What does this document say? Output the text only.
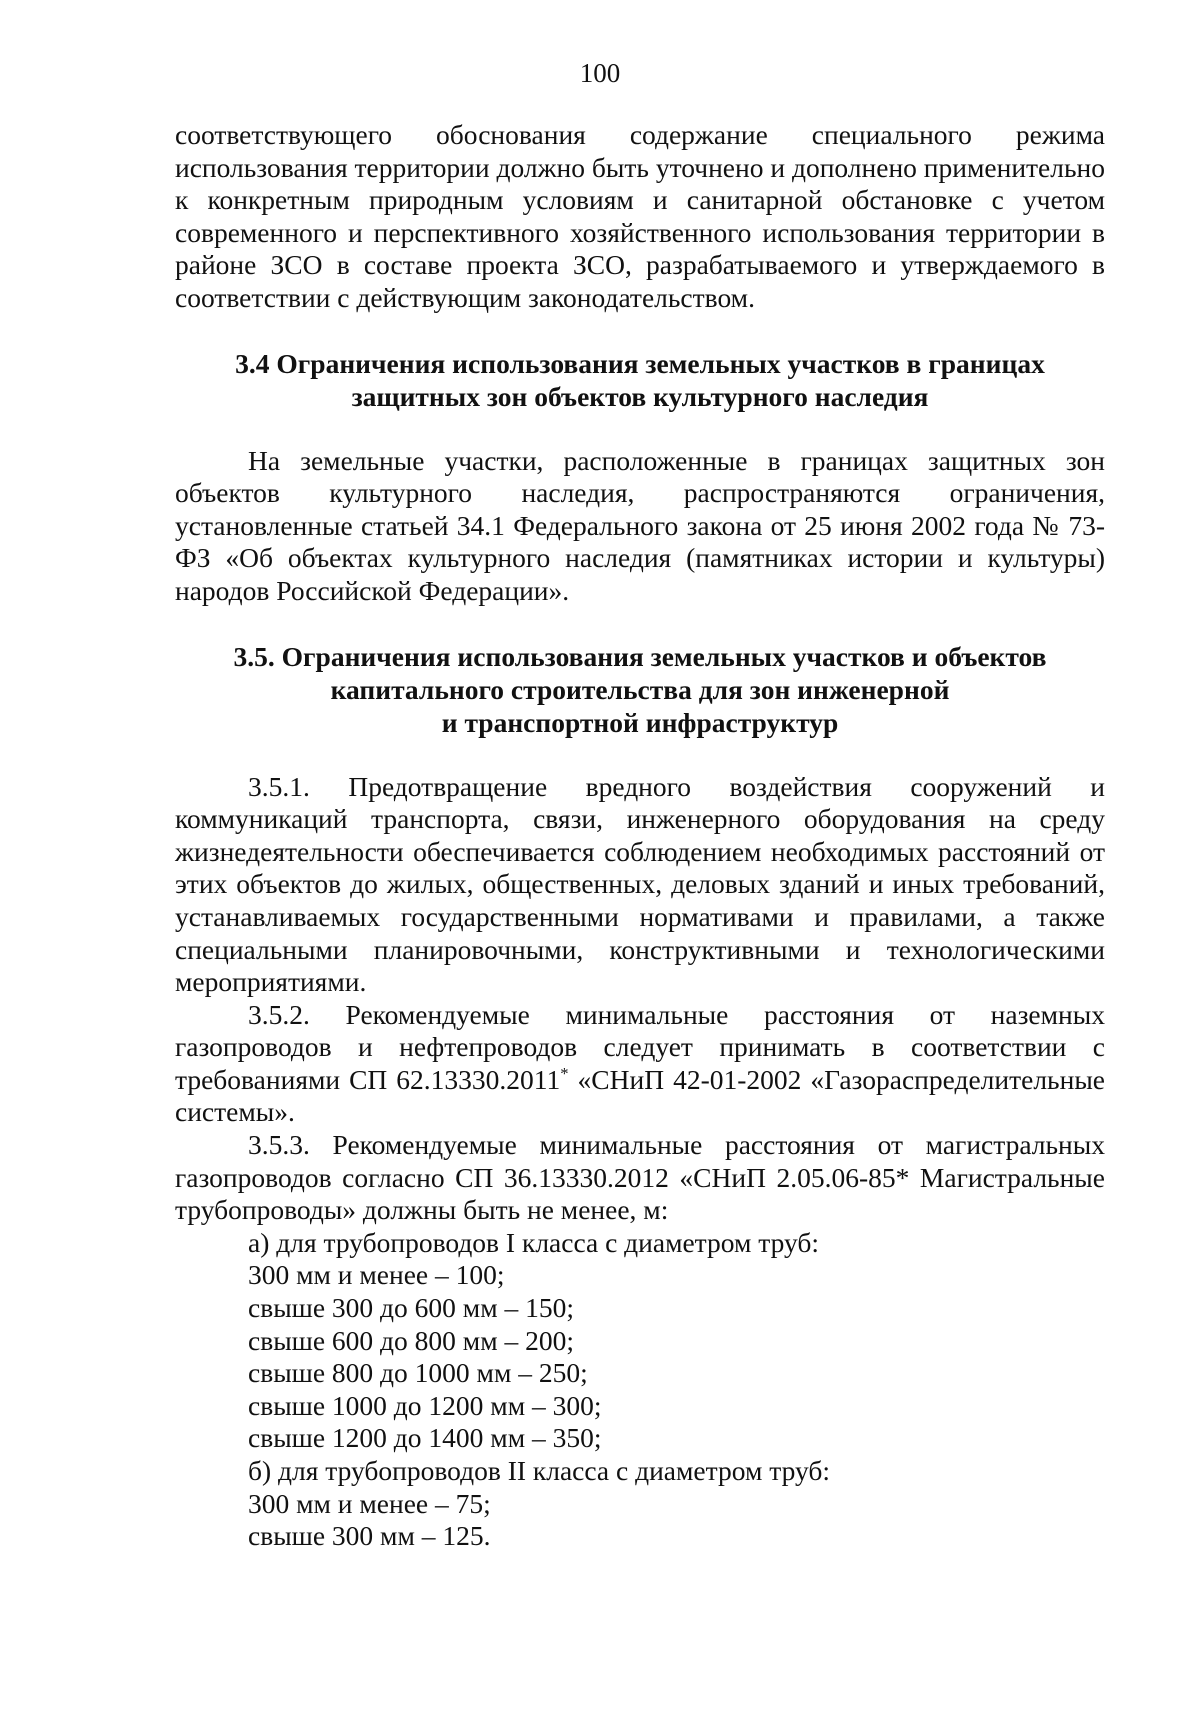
100

соответствующего обоснования содержание специального режима использования территории должно быть уточнено и дополнено применительно к конкретным природным условиям и санитарной обстановке с учетом современного и перспективного хозяйственного использования территории в районе ЗСО в составе проекта ЗСО, разрабатываемого и утверждаемого в соответствии с действующим законодательством.

3.4 Ограничения использования земельных участков в границах
защитных зон объектов культурного наследия

На земельные участки, расположенные в границах защитных зон объектов культурного наследия, распространяются ограничения, установленные статьей 34.1 Федерального закона от 25 июня 2002 года № 73-ФЗ «Об объектах культурного наследия (памятниках истории и культуры) народов Российской Федерации».

3.5. Ограничения использования земельных участков и объектов
капитального строительства для зон инженерной
и транспортной инфраструктур

3.5.1. Предотвращение вредного воздействия сооружений и коммуникаций транспорта, связи, инженерного оборудования на среду жизнедеятельности обеспечивается соблюдением необходимых расстояний от этих объектов до жилых, общественных, деловых зданий и иных требований, устанавливаемых государственными нормативами и правилами, а также специальными планировочными, конструктивными и технологическими мероприятиями.

3.5.2. Рекомендуемые минимальные расстояния от наземных газопроводов и нефтепроводов следует принимать в соответствии с требованиями СП 62.13330.2011* «СНиП 42-01-2002 «Газораспределительные системы».

3.5.3. Рекомендуемые минимальные расстояния от магистральных газопроводов согласно СП 36.13330.2012 «СНиП 2.05.06-85* Магистральные трубопроводы» должны быть не менее, м:

а) для трубопроводов I класса с диаметром труб:
300 мм и менее – 100;
свыше 300 до 600 мм – 150;
свыше 600 до 800 мм – 200;
свыше 800 до 1000 мм – 250;
свыше 1000 до 1200 мм – 300;
свыше 1200 до 1400 мм – 350;
б) для трубопроводов II класса с диаметром труб:
300 мм и менее – 75;
свыше 300 мм – 125.
